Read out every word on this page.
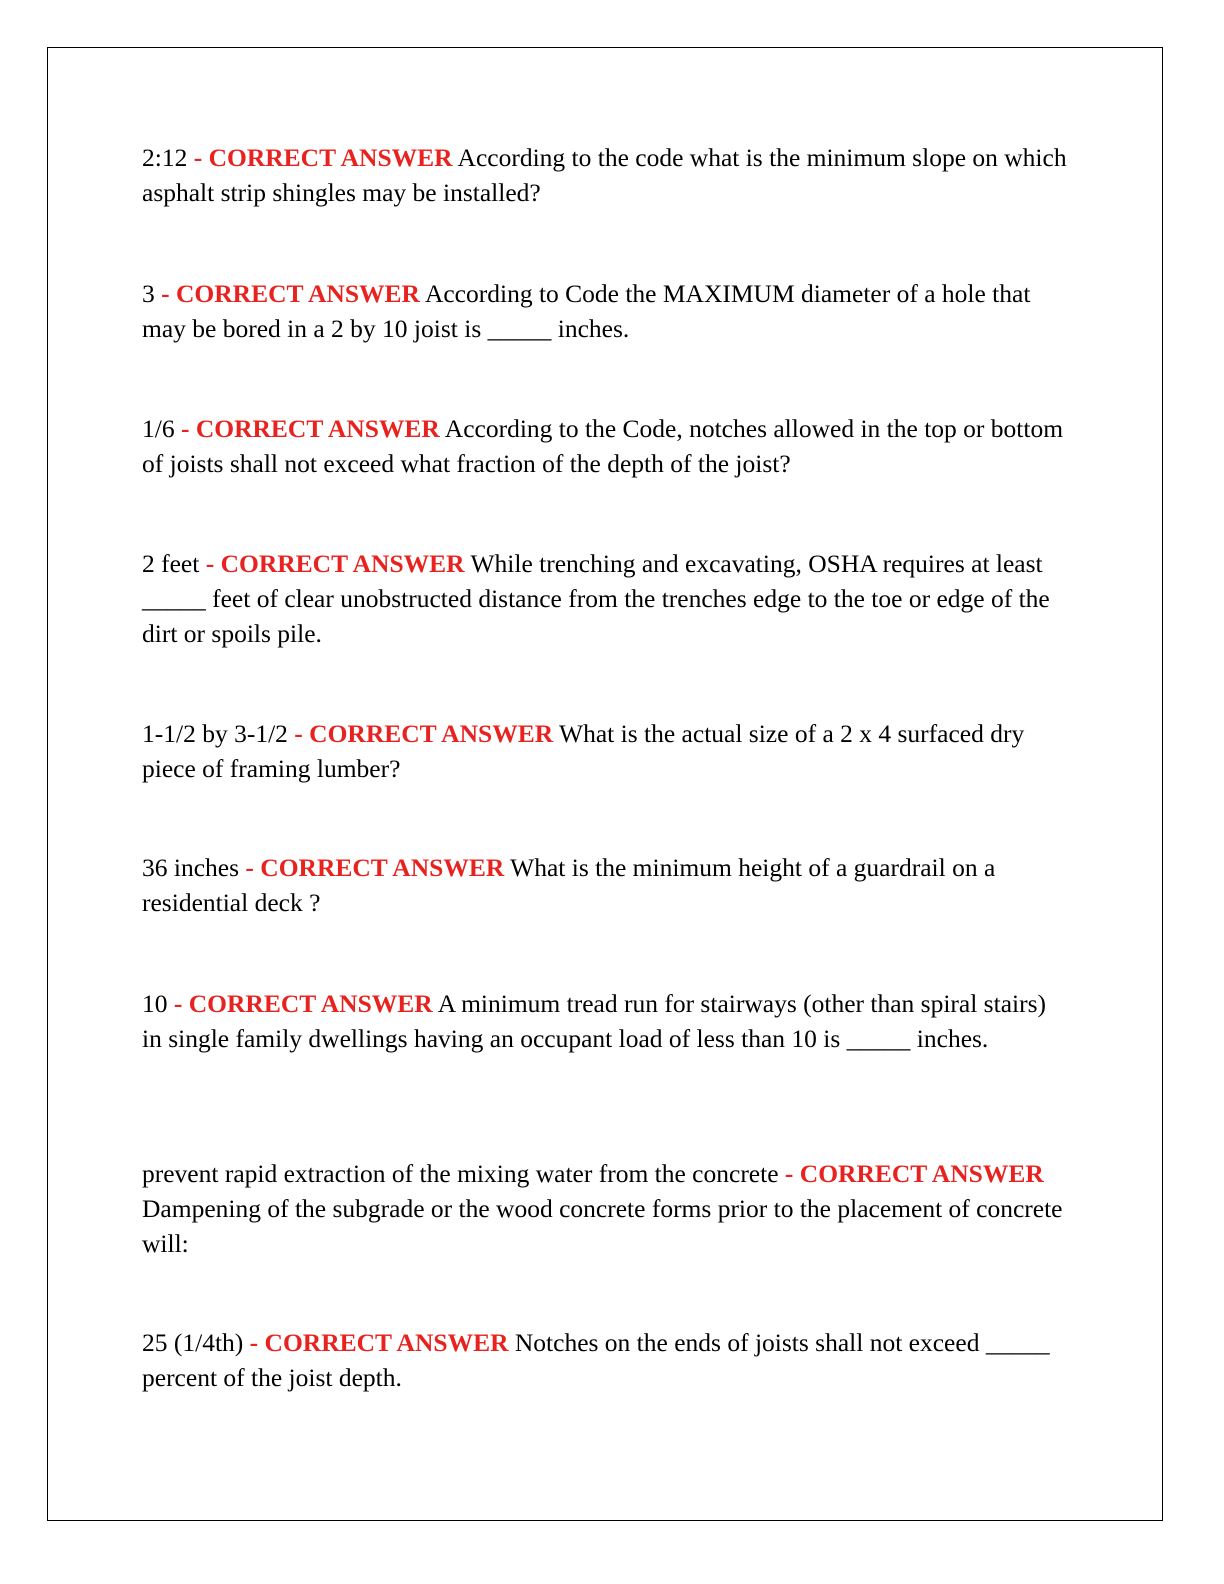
2:12 - CORRECT ANSWER According to the code what is the minimum slope on which asphalt strip shingles may be installed?
3 - CORRECT ANSWER According to Code the MAXIMUM diameter of a hole that may be bored in a 2 by 10 joist is _____ inches.
1/6 - CORRECT ANSWER According to the Code, notches allowed in the top or bottom of joists shall not exceed what fraction of the depth of the joist?
2 feet - CORRECT ANSWER While trenching and excavating, OSHA requires at least _____ feet of clear unobstructed distance from the trenches edge to the toe or edge of the dirt or spoils pile.
1-1/2 by 3-1/2 - CORRECT ANSWER What is the actual size of a 2 x 4 surfaced dry piece of framing lumber?
36 inches - CORRECT ANSWER What is the minimum height of a guardrail on a residential deck ?
10 - CORRECT ANSWER A minimum tread run for stairways (other than spiral stairs) in single family dwellings having an occupant load of less than 10 is _____ inches.
prevent rapid extraction of the mixing water from the concrete - CORRECT ANSWER Dampening of the subgrade or the wood concrete forms prior to the placement of concrete will:
25 (1/4th) - CORRECT ANSWER Notches on the ends of joists shall not exceed _____ percent of the joist depth.
